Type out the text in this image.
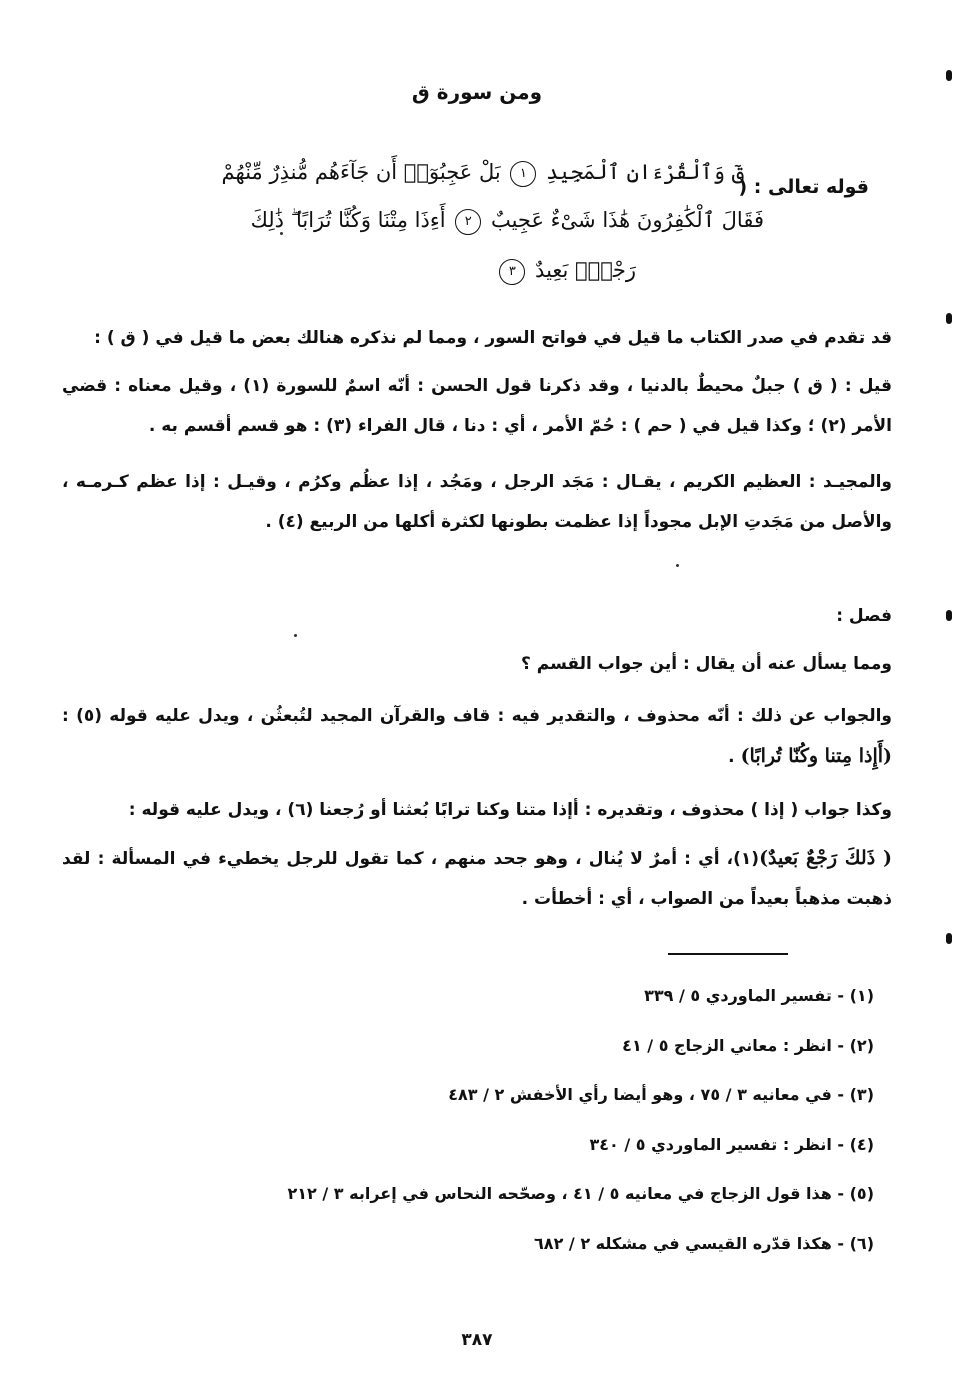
ومن سورة ق
قوله تعالى : (
قٓ وَٱلْقُرْءَانِ ٱلْمَجِيدِ ١ بَلْ عَجِبُوٓا۟ أَن جَآءَهُم مُّنذِرٌ مِّنْهُمْ
فَقَالَ ٱلْكَٰفِرُونَ هَٰذَا شَىْءٌ عَجِيبٌ ٢ أَءِذَا مِتْنَا وَكُنَّا تُرَابًا ۖ ذَٰلِكَ
رَجْعٌۢ بَعِيدٌ ٣
قد تقدم في صدر الكتاب ما قيل في فواتح السور ، ومما لم نذكره هنالك بعض ما قيل في ( ق ) :
قيل : ( ق ) جبلٌ محيطٌ بالدنيا ، وقد ذكرنا قول الحسن : أنّه اسمٌ للسورة (١) ، وقيل معناه : قضي الأمر (٢) ؛ وكذا قيل في ( حم ) : حُمّ الأمر ، أي : دنا ، قال الفراء (٣) : هو قسم أقسم به .
والمجيـد : العظيم الكريم ، يقـال : مَجَد الرجل ، ومَجُد ، إذا عظُم وكرُم ، وقيـل : إذا عظم كـرمـه ، والأصل من مَجَدتِ الإبل مجوداً إذا عظمت بطونها لكثرة أكلها من الربيع (٤) .
فصل :
ومما يسأل عنه أن يقال : أين جواب القسم ؟
والجواب عن ذلك : أنّه محذوف ، والتقدير فيه : قاف والقرآن المجيد لتُبعثُن ، ويدل عليه قوله (٥) : (أَإِذا مِتنا وكُنّا تُرابًا) .
وكذا جواب ( إذا ) محذوف ، وتقديره : أإذا متنا وكنا ترابًا بُعثنا أو رُجعنا (٦) ، ويدل عليه قوله :
( ذَلكَ رَجْعٌ بَعيدٌ)(١)، أي : أمرٌ لا يُنال ، وهو جحد منهم ، كما تقول للرجل يخطيء في المسألة : لقد ذهبت مذهباً بعيداً من الصواب ، أي : أخطأت .
(١) - تفسير الماوردي ٥ / ٣٣٩
(٢) - انظر : معاني الزجاج ٥ / ٤١
(٣) - في معانيه ٣ / ٧٥ ، وهو أيضا رأي الأخفش ٢ / ٤٨٣
(٤) - انظر : تفسير الماوردي ٥ / ٣٤٠
(٥) - هذا قول الزجاج في معانيه ٥ / ٤١ ، وصحّحه النحاس في إعرابه ٣ / ٢١٢
(٦) - هكذا قدّره القيسي في مشكله ٢ / ٦٨٢
٣٨٧
